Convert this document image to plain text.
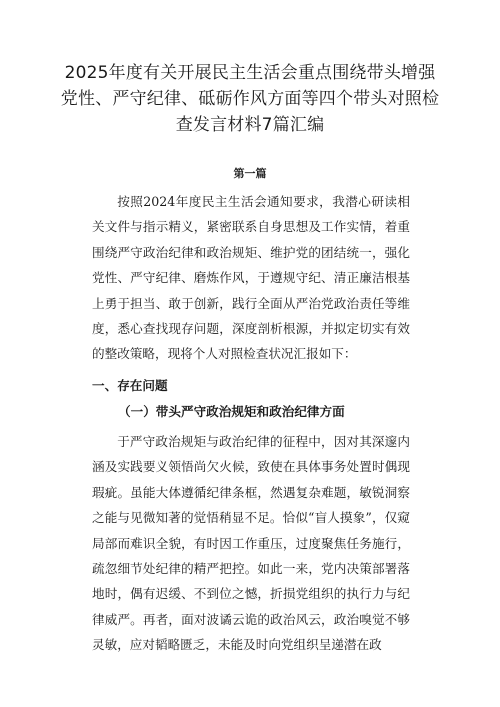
2025年度有关开展民主生活会重点围绕带头增强党性、严守纪律、砥砺作风方面等四个带头对照检查发言材料7篇汇编
第一篇

按照2024年度民主生活会通知要求，我潜心研读相关文件与指示精义，紧密联系自身思想及工作实情，着重围绕严守政治纪律和政治规矩、维护党的团结统一，强化党性、严守纪律、磨炼作风，于遵规守纪、清正廉洁根基上勇于担当、敢于创新，践行全面从严治党政治责任等维度，悉心查找现存问题，深度剖析根源，并拟定切实有效的整改策略，现将个人对照检查状况汇报如下：

一、存在问题
（一）带头严守政治规矩和政治纪律方面

于严守政治规矩与政治纪律的征程中，因对其深邃内涵及实践要义领悟尚欠火候，致使在具体事务处置时偶现瑕疵。虽能大体遵循纪律条框，然遇复杂难题，敏锐洞察之能与见微知著的觉悟稍显不足。恰似“盲人摸象”，仅窥局部而难识全貌，有时因工作重压，过度聚焦任务施行，疏忽细节处纪律的精严把控。如此一来，党内决策部署落地时，偶有迟缓、不到位之憾，折损党组织的执行力与纪律威严。再者，面对波谲云诡的政治风云，政治嗅觉不够灵敏，应对韬略匮乏，未能及时向党组织呈递潜在政
